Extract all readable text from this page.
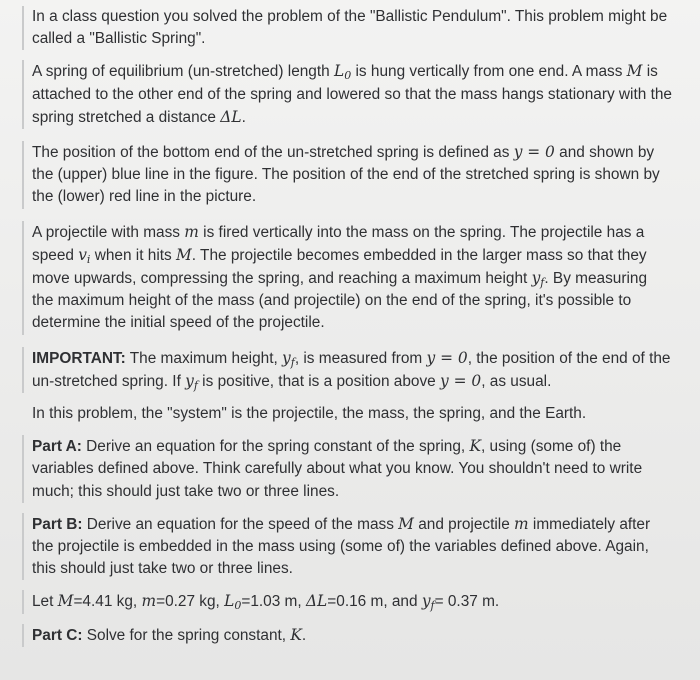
In a class question you solved the problem of the "Ballistic Pendulum". This problem might be called a "Ballistic Spring".
A spring of equilibrium (un-stretched) length $L_0$ is hung vertically from one end. A mass M is attached to the other end of the spring and lowered so that the mass hangs stationary with the spring stretched a distance ΔL.
The position of the bottom end of the un-stretched spring is defined as y = 0 and shown by the (upper) blue line in the figure. The position of the end of the stretched spring is shown by the (lower) red line in the picture.
A projectile with mass m is fired vertically into the mass on the spring. The projectile has a speed $v_i$ when it hits M. The projectile becomes embedded in the larger mass so that they move upwards, compressing the spring, and reaching a maximum height $y_f$. By measuring the maximum height of the mass (and projectile) on the end of the spring, it's possible to determine the initial speed of the projectile.
IMPORTANT: The maximum height, $y_f$, is measured from y = 0, the position of the end of the un-stretched spring. If $y_f$ is positive, that is a position above y = 0, as usual.
In this problem, the "system" is the projectile, the mass, the spring, and the Earth.
Part A: Derive an equation for the spring constant of the spring, K, using (some of) the variables defined above. Think carefully about what you know. You shouldn't need to write much; this should just take two or three lines.
Part B: Derive an equation for the speed of the mass M and projectile m immediately after the projectile is embedded in the mass using (some of) the variables defined above. Again, this should just take two or three lines.
Let M=4.41 kg, m=0.27 kg, $L_0=1.03$ m, ΔL=0.16 m, and $y_f= 0.37$ m.
Part C: Solve for the spring constant, K.
